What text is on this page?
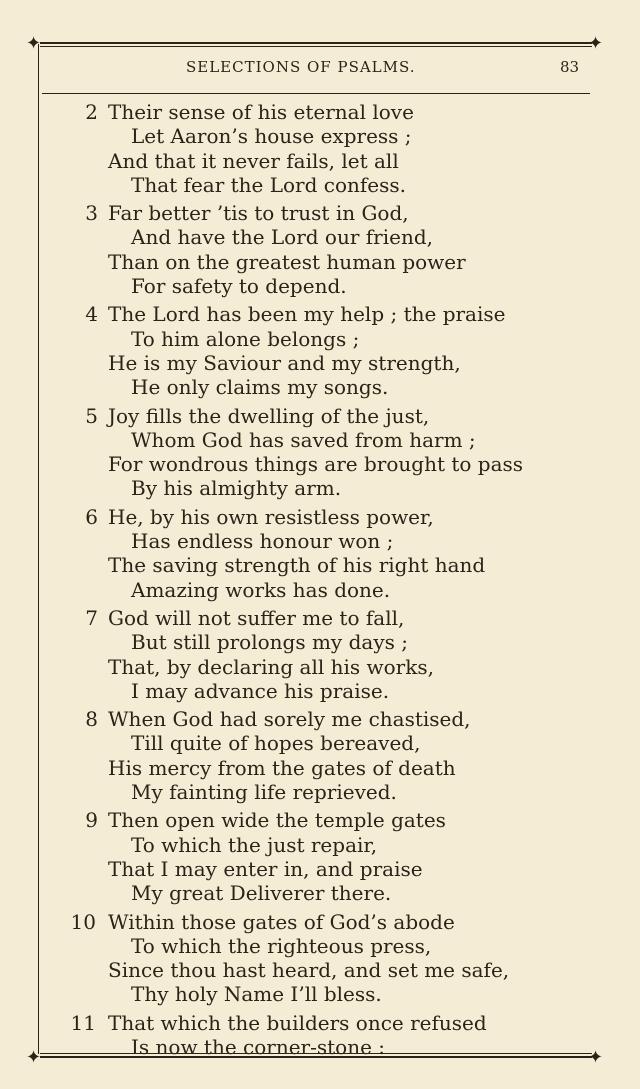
✦	✦
✦	✦
SELECTIONS OF PSALMS.	83
2 Their sense of his eternal love
Let Aaron’s house express ;
And that it never fails, let all
That fear the Lord confess.
3 Far better ’tis to trust in God,
And have the Lord our friend,
Than on the greatest human power
For safety to depend.
4 The Lord has been my help ; the praise
To him alone belongs ;
He is my Saviour and my strength,
He only claims my songs.
5 Joy fills the dwelling of the just,
Whom God has saved from harm ;
For wondrous things are brought to pass
By his almighty arm.
6 He, by his own resistless power,
Has endless honour won ;
The saving strength of his right hand
Amazing works has done.
7 God will not suffer me to fall,
But still prolongs my days ;
That, by declaring all his works,
I may advance his praise.
8 When God had sorely me chastised,
Till quite of hopes bereaved,
His mercy from the gates of death
My fainting life reprieved.
9 Then open wide the temple gates
To which the just repair,
That I may enter in, and praise
My great Deliverer there.
10 Within those gates of God’s abode
To which the righteous press,
Since thou hast heard, and set me safe,
Thy holy Name I’ll bless.
11 That which the builders once refused
Is now the corner-stone :
